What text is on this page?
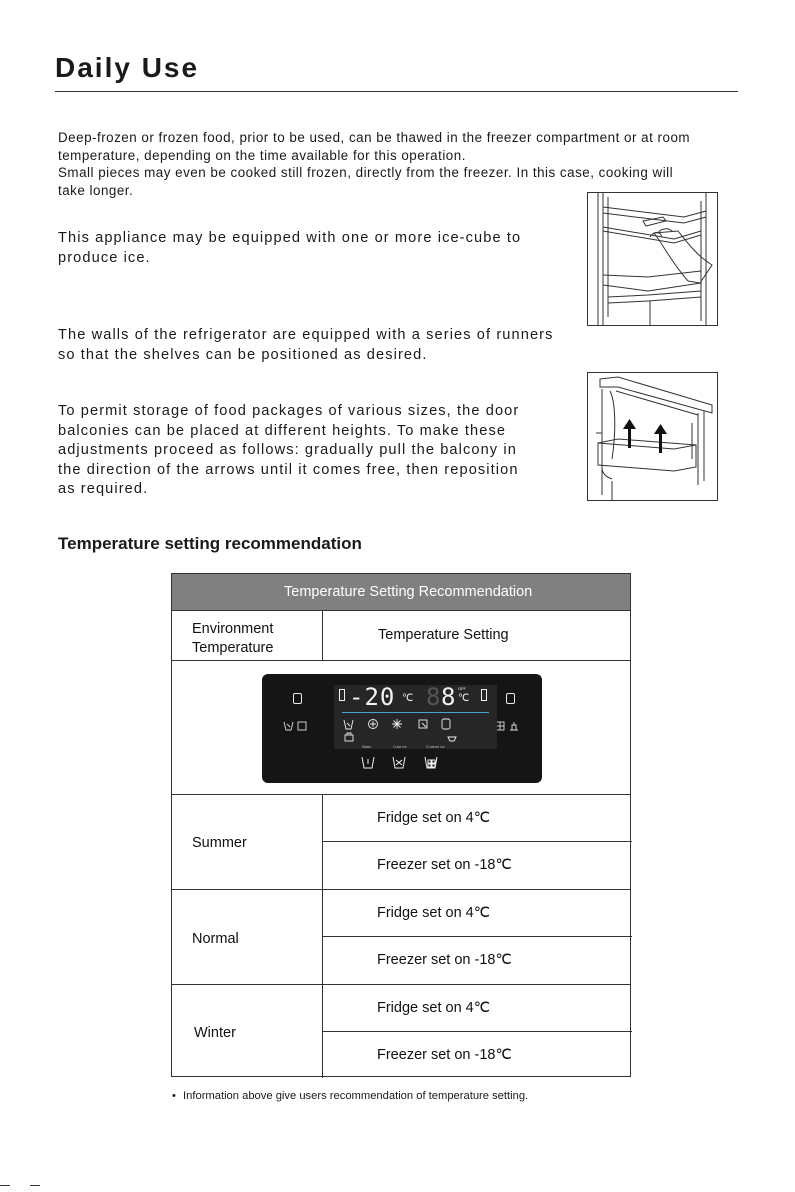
Daily Use
Deep-frozen or frozen food, prior to be used, can be thawed in the freezer compartment or at room
temperature, depending on the time available for this operation.
Small pieces may even be cooked still frozen, directly from the freezer. In this case, cooking will
take longer.
This appliance may be equipped with one or more ice-cube to
produce ice.
The walls of the refrigerator are equipped with a series of runners
so that the shelves can be positioned as desired.
To permit storage of food packages of various sizes, the door
balconies can be placed at different heights. To make these
adjustments proceed as follows: gradually pull the balcony in
the direction of the arrows until it comes free, then reposition
as required.
Temperature setting recommendation
Temperature Setting Recommendation
Environment
Temperature
Temperature Setting
-20 ℃ 8 8 OFF
℃
Water	Cube ice	Crushed ice
Summer
Fridge set on 4℃
Freezer set on -18℃
Normal
Fridge set on 4℃
Freezer set on -18℃
Winter
Fridge set on 4℃
Freezer set on -18℃
• Information above give users recommendation of temperature setting.
